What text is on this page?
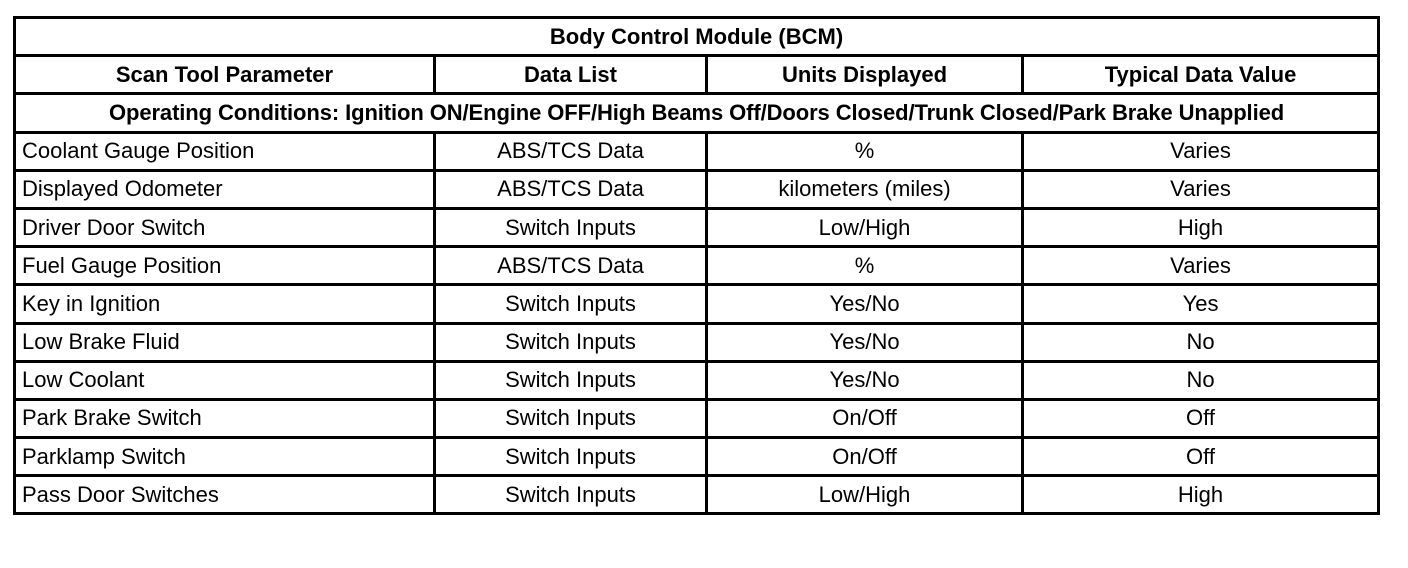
Body Control Module (BCM)			
Scan Tool Parameter	Data List	Units Displayed	Typical Data Value
Operating Conditions: Ignition ON/Engine OFF/High Beams Off/Doors Closed/Trunk Closed/Park Brake Unapplied			
Coolant Gauge Position	ABS/TCS Data	%	Varies
Displayed Odometer	ABS/TCS Data	kilometers (miles)	Varies
Driver Door Switch	Switch Inputs	Low/High	High
Fuel Gauge Position	ABS/TCS Data	%	Varies
Key in Ignition	Switch Inputs	Yes/No	Yes
Low Brake Fluid	Switch Inputs	Yes/No	No
Low Coolant	Switch Inputs	Yes/No	No
Park Brake Switch	Switch Inputs	On/Off	Off
Parklamp Switch	Switch Inputs	On/Off	Off
Pass Door Switches	Switch Inputs	Low/High	High
